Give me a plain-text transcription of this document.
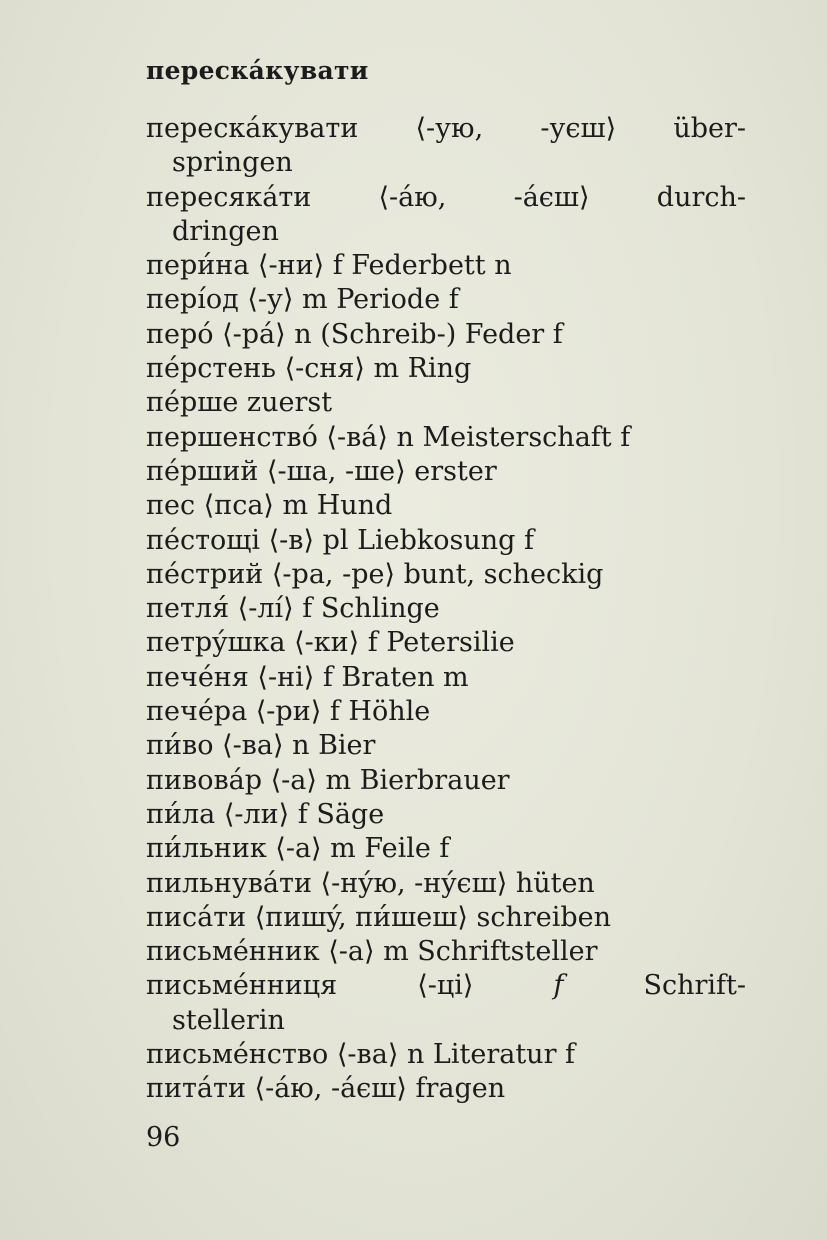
перескáкувати
перескáкувати ⟨-ую, -уєш⟩ über-
springen
пересякáти ⟨-áю, -áєш⟩ durch-
dringen
пери́на ⟨-ни⟩ f Federbett n
перíод ⟨-у⟩ m Periode f
перó ⟨-рá⟩ n (Schreib-) Feder f
пéрстень ⟨-сня⟩ m Ring
пéрше zuerst
першенствó ⟨-вá⟩ n Meisterschaft f
пéрший ⟨-ша, -ше⟩ erster
пес ⟨пса⟩ m Hund
пéстощі ⟨-в⟩ pl Liebkosung f
пéстрий ⟨-ра, -ре⟩ bunt, scheckig
петля́ ⟨-лí⟩ f Schlinge
петрýшка ⟨-ки⟩ f Petersilie
печéня ⟨-ні⟩ f Braten m
печéра ⟨-ри⟩ f Höhle
пи́во ⟨-ва⟩ n Bier
пивовáр ⟨-а⟩ m Bierbrauer
пи́ла ⟨-ли⟩ f Säge
пи́льник ⟨-а⟩ m Feile f
пильнувáти ⟨-нýю, -нýєш⟩ hüten
писáти ⟨пишý, пи́шеш⟩ schreiben
письмéнник ⟨-а⟩ m Schriftsteller
письмéнниця	⟨-ці⟩	f	Schrift-
stellerin
письмéнство ⟨-ва⟩ n Literatur f
питáти ⟨-áю, -áєш⟩ fragen
96
